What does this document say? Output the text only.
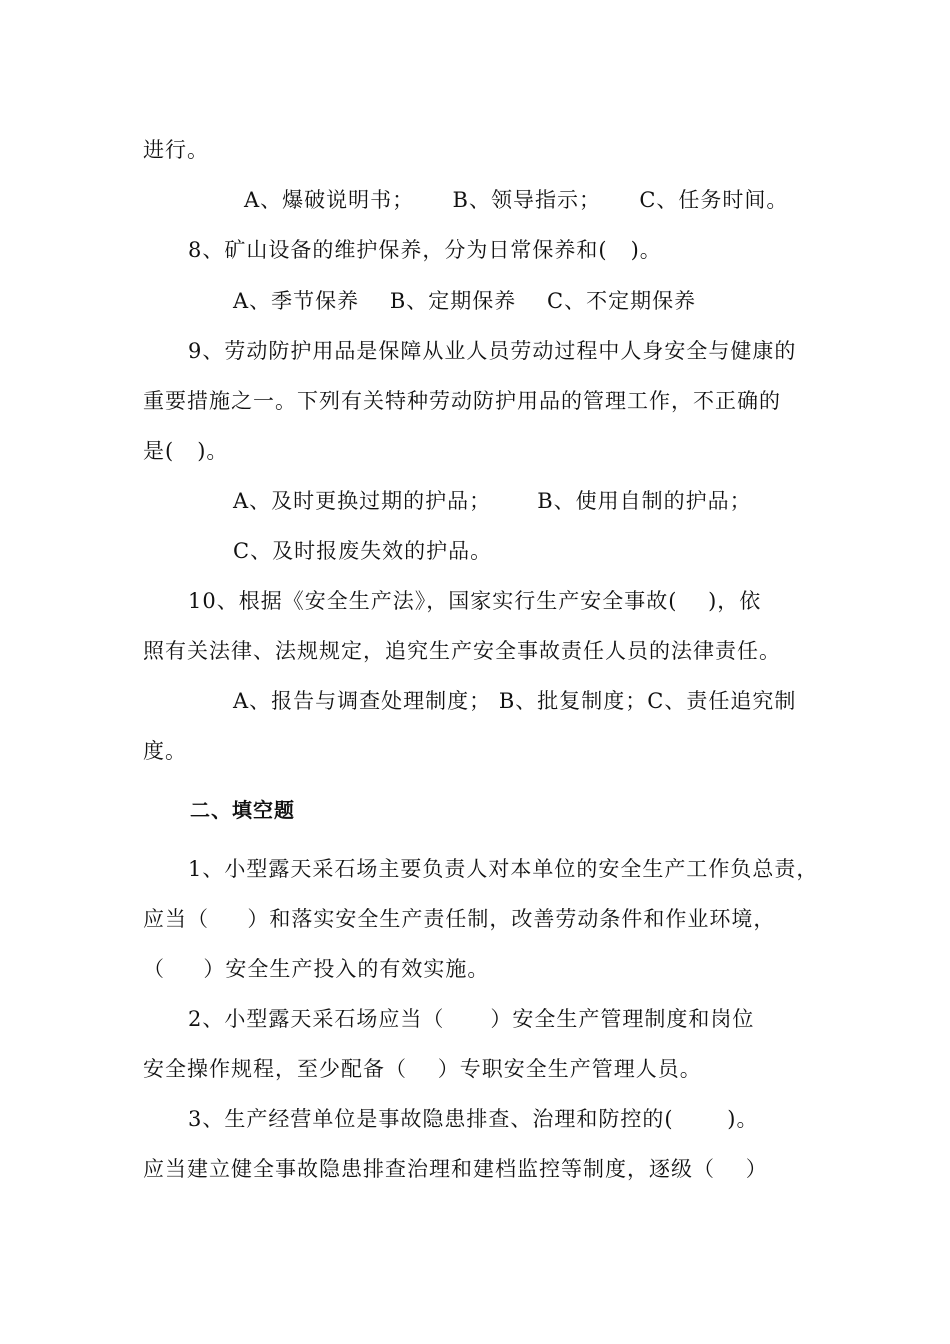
进行。
A、爆破说明书；     B、领导指示；     C、任务时间。
8、矿山设备的维护保养，分为日常保养和(   )。
A、季节保养    B、定期保养    C、不定期保养
9、劳动防护用品是保障从业人员劳动过程中人身安全与健康的
重要措施之一。下列有关特种劳动防护用品的管理工作，不正确的
是(   )。
A、及时更换过期的护品；      B、使用自制的护品；
C、及时报废失效的护品。
10、根据《安全生产法》，国家实行生产安全事故(    )，依
照有关法律、法规规定，追究生产安全事故责任人员的法律责任。
A、报告与调查处理制度； B、批复制度；C、责任追究制
度。
二、填空题
1、小型露天采石场主要负责人对本单位的安全生产工作负总责，
应当（     ）和落实安全生产责任制，改善劳动条件和作业环境，
（     ）安全生产投入的有效实施。
2、小型露天采石场应当（      ）安全生产管理制度和岗位
安全操作规程，至少配备（    ）专职安全生产管理人员。
3、生产经营单位是事故隐患排查、治理和防控的(       )。
应当建立健全事故隐患排查治理和建档监控等制度，逐级（    ）
